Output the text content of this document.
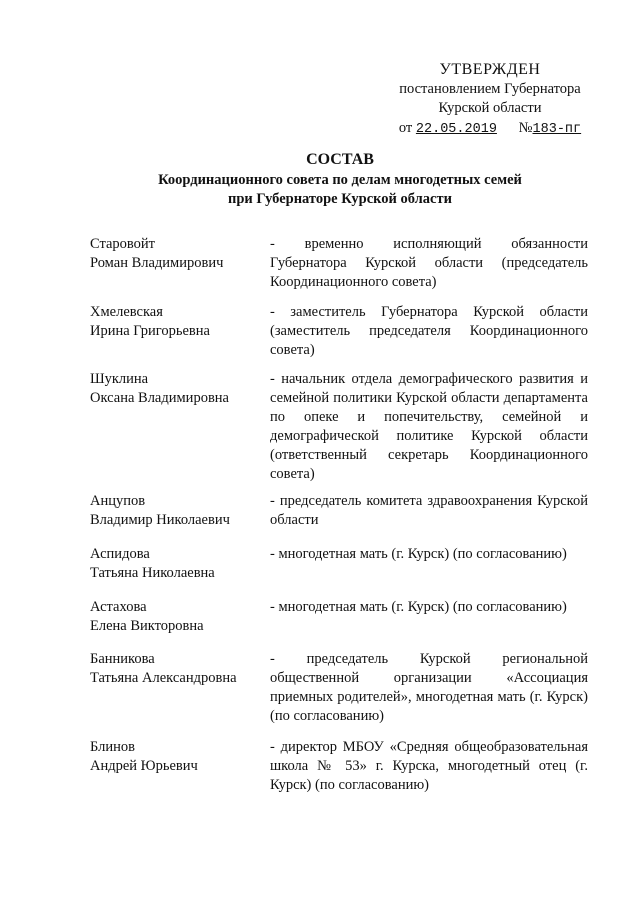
УТВЕРЖДЕН
постановлением Губернатора
Курской области
от 22.05.2019 №183-пг
СОСТАВ
Координационного совета по делам многодетных семей
при Губернаторе Курской области
Старовойт
Роман Владимирович
- временно исполняющий обязанности Губернатора Курской области (председатель Координационного совета)
Хмелевская
Ирина Григорьевна
- заместитель Губернатора Курской области (заместитель председателя Координационного совета)
Шуклина
Оксана Владимировна
- начальник отдела демографического развития и семейной политики Курской области департамента по опеке и попечительству, семейной и демографической политике Курской области (ответственный секретарь Координационного совета)
Анцупов
Владимир Николаевич
- председатель комитета здравоохранения Курской области
Аспидова
Татьяна Николаевна
- многодетная мать (г. Курск) (по согласованию)
Астахова
Елена Викторовна
- многодетная мать (г. Курск) (по согласованию)
Банникова
Татьяна Александровна
- председатель Курской региональной общественной организации «Ассоциация приемных родителей», многодетная мать (г. Курск) (по согласованию)
Блинов
Андрей Юрьевич
- директор МБОУ «Средняя общеобразовательная школа № 53» г. Курска, многодетный отец (г. Курск) (по согласованию)
